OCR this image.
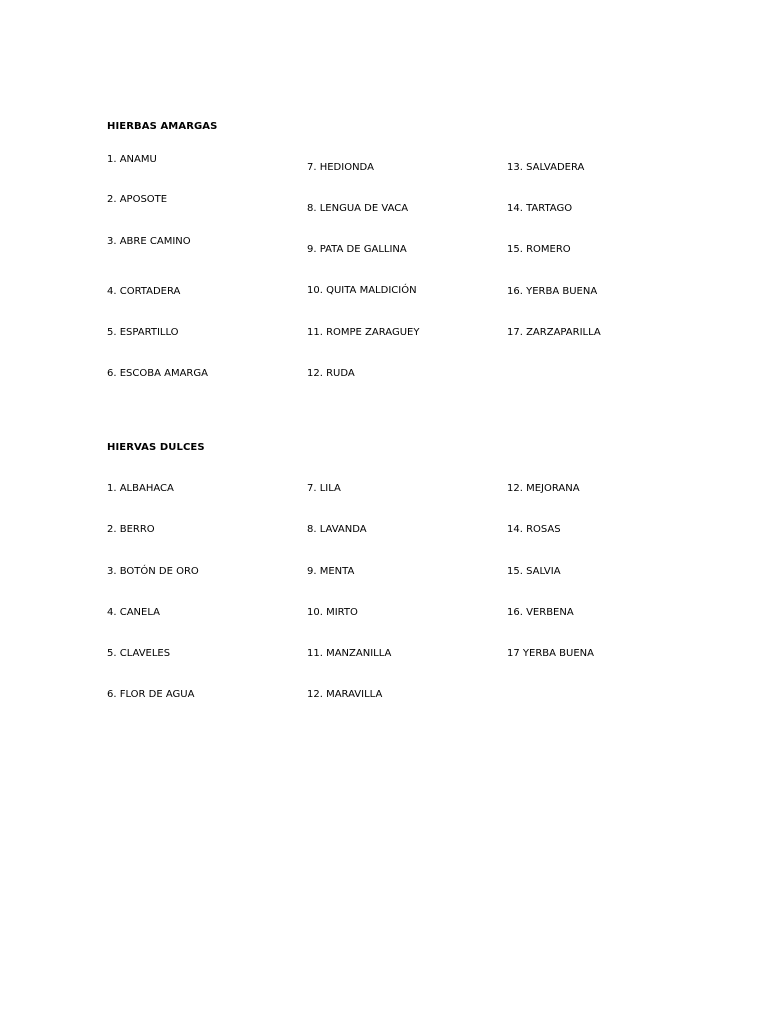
HIERBAS AMARGAS
1. ANAMU
2. APOSOTE
3. ABRE CAMINO
4. CORTADERA
5. ESPARTILLO
6. ESCOBA AMARGA
7. HEDIONDA
8. LENGUA DE VACA
9. PATA DE GALLINA
10. QUITA MALDICIÓN
11. ROMPE ZARAGUEY
12. RUDA
13. SALVADERA
14. TARTAGO
15. ROMERO
16. YERBA BUENA
17. ZARZAPARILLA
HIERVAS DULCES
1. ALBAHACA
2. BERRO
3. BOTÓN DE ORO
4. CANELA
5. CLAVELES
6. FLOR DE AGUA
7. LILA
8. LAVANDA
9. MENTA
10. MIRTO
11. MANZANILLA
12. MARAVILLA
12. MEJORANA
14. ROSAS
15. SALVIA
16. VERBENA
17 YERBA BUENA
